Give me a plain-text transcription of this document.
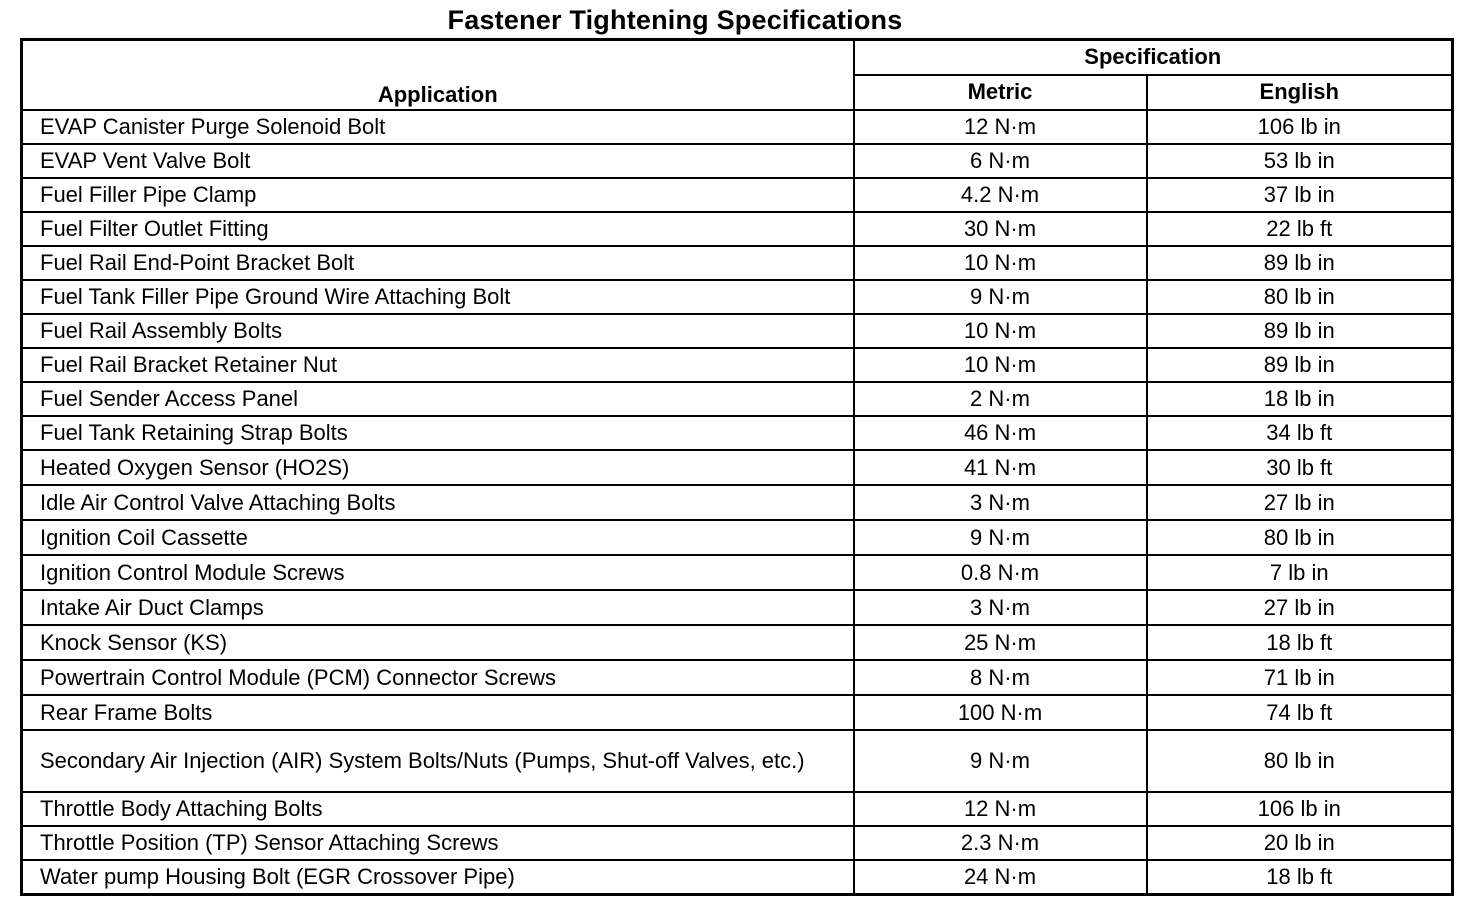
Fastener Tightening Specifications
Application	Specification	
	Metric	English
EVAP Canister Purge Solenoid Bolt	12 N·m	106 lb in
EVAP Vent Valve Bolt	6 N·m	53 lb in
Fuel Filler Pipe Clamp	4.2 N·m	37 lb in
Fuel Filter Outlet Fitting	30 N·m	22 lb ft
Fuel Rail End-Point Bracket Bolt	10 N·m	89 lb in
Fuel Tank Filler Pipe Ground Wire Attaching Bolt	9 N·m	80 lb in
Fuel Rail Assembly Bolts	10 N·m	89 lb in
Fuel Rail Bracket Retainer Nut	10 N·m	89 lb in
Fuel Sender Access Panel	2 N·m	18 lb in
Fuel Tank Retaining Strap Bolts	46 N·m	34 lb ft
Heated Oxygen Sensor (HO2S)	41 N·m	30 lb ft
Idle Air Control Valve Attaching Bolts	3 N·m	27 lb in
Ignition Coil Cassette	9 N·m	80 lb in
Ignition Control Module Screws	0.8 N·m	7 lb in
Intake Air Duct Clamps	3 N·m	27 lb in
Knock Sensor (KS)	25 N·m	18 lb ft
Powertrain Control Module (PCM) Connector Screws	8 N·m	71 lb in
Rear Frame Bolts	100 N·m	74 lb ft
Secondary Air Injection (AIR) System Bolts/Nuts (Pumps, Shut-off Valves, etc.)	9 N·m	80 lb in
Throttle Body Attaching Bolts	12 N·m	106 lb in
Throttle Position (TP) Sensor Attaching Screws	2.3 N·m	20 lb in
Water pump Housing Bolt (EGR Crossover Pipe)	24 N·m	18 lb ft
